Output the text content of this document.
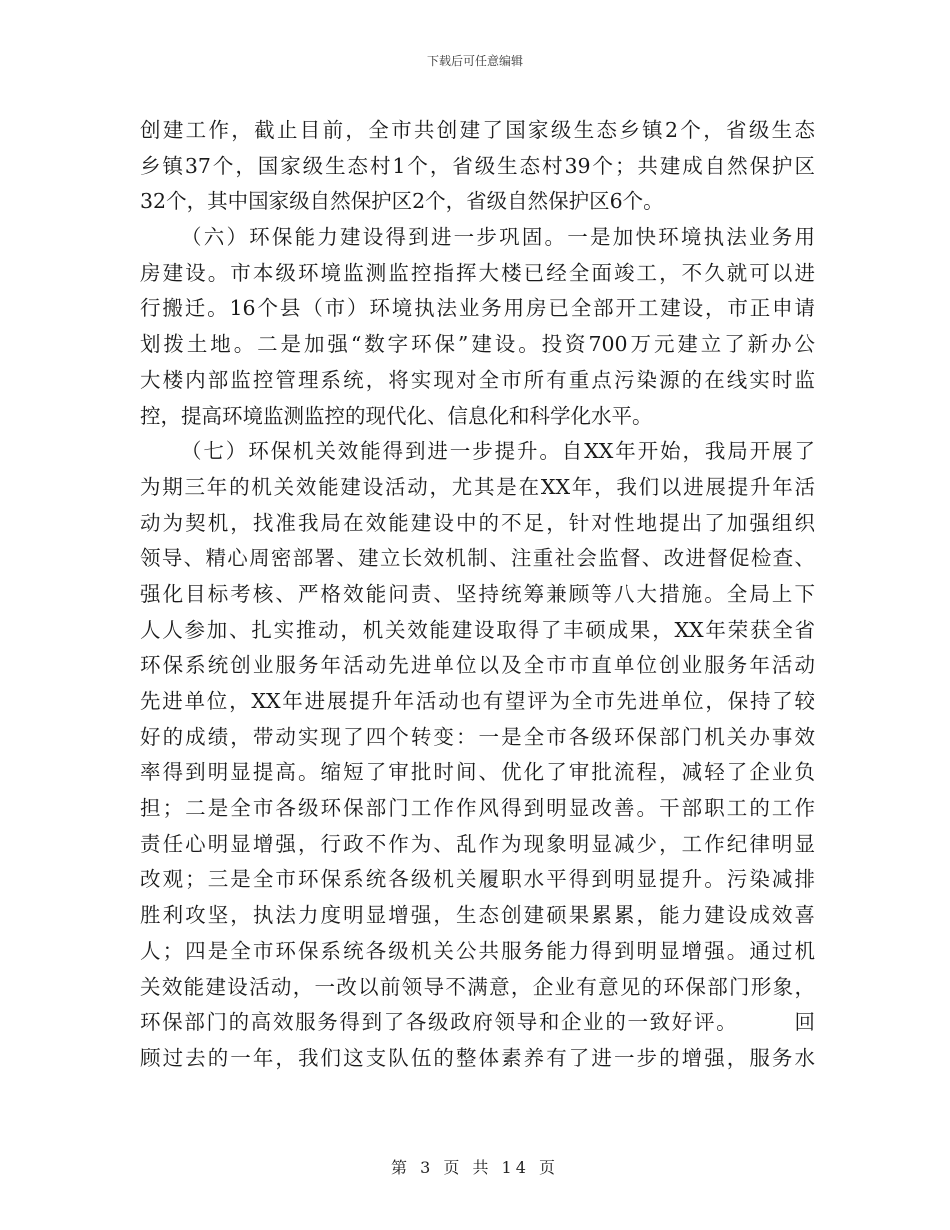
下载后可任意编辑
创建工作，截止目前，全市共创建了国家级生态乡镇2个，省级生态
乡镇37个，国家级生态村1个，省级生态村39个；共建成自然保护区
32个，其中国家级自然保护区2个，省级自然保护区6个。
（六）环保能力建设得到进一步巩固。一是加快环境执法业务用
房建设。市本级环境监测监控指挥大楼已经全面竣工，不久就可以进
行搬迁。16个县（市）环境执法业务用房已全部开工建设，市正申请
划拨土地。二是加强“数字环保”建设。投资700万元建立了新办公
大楼内部监控管理系统，将实现对全市所有重点污染源的在线实时监
控，提高环境监测监控的现代化、信息化和科学化水平。
（七）环保机关效能得到进一步提升。自XX年开始，我局开展了
为期三年的机关效能建设活动，尤其是在XX年，我们以进展提升年活
动为契机，找准我局在效能建设中的不足，针对性地提出了加强组织
领导、精心周密部署、建立长效机制、注重社会监督、改进督促检查、
强化目标考核、严格效能问责、坚持统筹兼顾等八大措施。全局上下
人人参加、扎实推动，机关效能建设取得了丰硕成果，XX年荣获全省
环保系统创业服务年活动先进单位以及全市市直单位创业服务年活动
先进单位，XX年进展提升年活动也有望评为全市先进单位，保持了较
好的成绩，带动实现了四个转变：一是全市各级环保部门机关办事效
率得到明显提高。缩短了审批时间、优化了审批流程，减轻了企业负
担；二是全市各级环保部门工作作风得到明显改善。干部职工的工作
责任心明显增强，行政不作为、乱作为现象明显减少，工作纪律明显
改观；三是全市环保系统各级机关履职水平得到明显提升。污染减排
胜利攻坚，执法力度明显增强，生态创建硕果累累，能力建设成效喜
人；四是全市环保系统各级机关公共服务能力得到明显增强。通过机
关效能建设活动，一改以前领导不满意，企业有意见的环保部门形象，
环保部门的高效服务得到了各级政府领导和企业的一致好评。　　　回
顾过去的一年，我们这支队伍的整体素养有了进一步的增强，服务水
第 3 页 共 14 页
